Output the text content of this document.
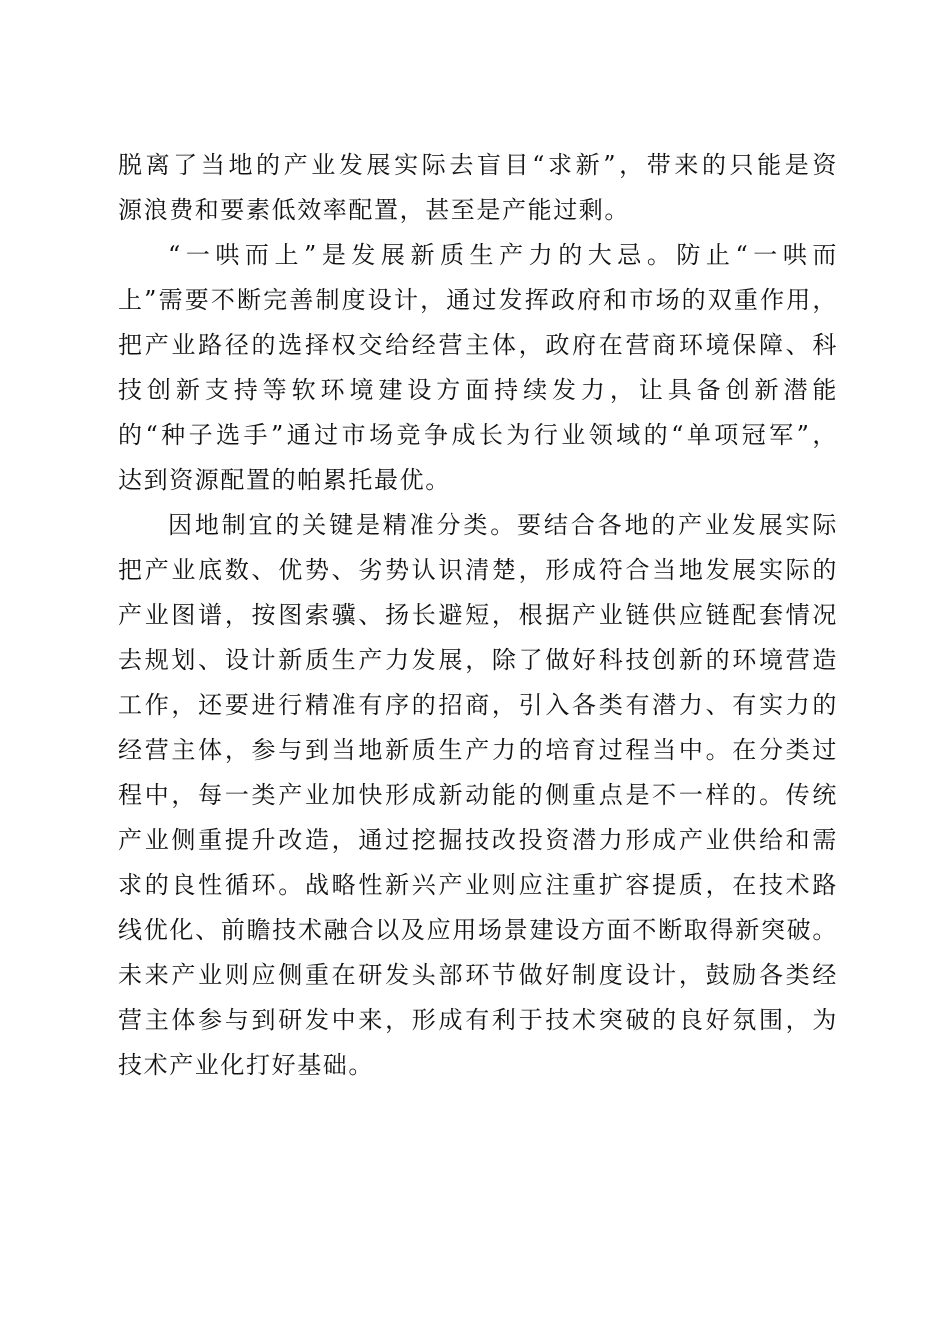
脱离了当地的产业发展实际去盲目“求新”，带来的只能是资
源浪费和要素低效率配置，甚至是产能过剩。
“一哄而上”是发展新质生产力的大忌。防止“一哄而
上”需要不断完善制度设计，通过发挥政府和市场的双重作用，
把产业路径的选择权交给经营主体，政府在营商环境保障、科
技创新支持等软环境建设方面持续发力，让具备创新潜能
的“种子选手”通过市场竞争成长为行业领域的“单项冠军”，
达到资源配置的帕累托最优。
因地制宜的关键是精准分类。要结合各地的产业发展实际
把产业底数、优势、劣势认识清楚，形成符合当地发展实际的
产业图谱，按图索骥、扬长避短，根据产业链供应链配套情况
去规划、设计新质生产力发展，除了做好科技创新的环境营造
工作，还要进行精准有序的招商，引入各类有潜力、有实力的
经营主体，参与到当地新质生产力的培育过程当中。在分类过
程中，每一类产业加快形成新动能的侧重点是不一样的。传统
产业侧重提升改造，通过挖掘技改投资潜力形成产业供给和需
求的良性循环。战略性新兴产业则应注重扩容提质，在技术路
线优化、前瞻技术融合以及应用场景建设方面不断取得新突破。
未来产业则应侧重在研发头部环节做好制度设计，鼓励各类经
营主体参与到研发中来，形成有利于技术突破的良好氛围，为
技术产业化打好基础。
